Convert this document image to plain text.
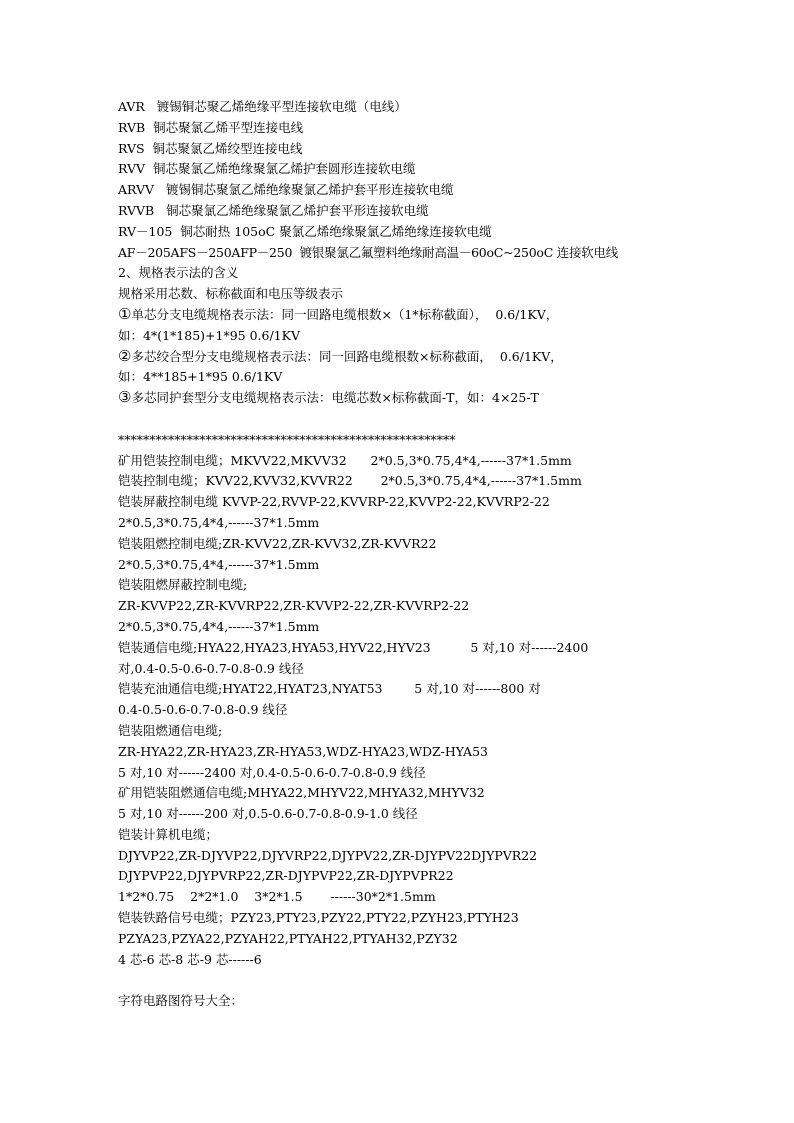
AVR   镀锡铜芯聚乙烯绝缘平型连接软电缆（电线）
RVB  铜芯聚氯乙烯平型连接电线
RVS  铜芯聚氯乙烯绞型连接电线
RVV  铜芯聚氯乙烯绝缘聚氯乙烯护套圆形连接软电缆
ARVV   镀锡铜芯聚氯乙烯绝缘聚氯乙烯护套平形连接软电缆
RVVB   铜芯聚氯乙烯绝缘聚氯乙烯护套平形连接软电缆
RV－105  铜芯耐热 105oC 聚氯乙烯绝缘聚氯乙烯绝缘连接软电缆
AF－205AFS－250AFP－250  镀银聚氯乙氟塑料绝缘耐高温－60oC~250oC 连接软电线
2、规格表示法的含义
规格采用芯数、标称截面和电压等级表示
①单芯分支电缆规格表示法：同一回路电缆根数×（1*标称截面），  0.6/1KV，
如：4*(1*185)+1*95 0.6/1KV
②多芯绞合型分支电缆规格表示法：同一回路电缆根数×标称截面，  0.6/1KV，
如：4**185+1*95 0.6/1KV
③多芯同护套型分支电缆规格表示法：电缆芯数×标称截面-T，如：4×25-T
******************************************************
矿用铠装控制电缆；MKVV22,MKVV32      2*0.5,3*0.75,4*4,------37*1.5mm
铠装控制电缆；KVV22,KVV32,KVVR22       2*0.5,3*0.75,4*4,------37*1.5mm
铠装屏蔽控制电缆 KVVP-22,RVVP-22,KVVRP-22,KVVP2-22,KVVRP2-22
2*0.5,3*0.75,4*4,------37*1.5mm
铠装阻燃控制电缆;ZR-KVV22,ZR-KVV32,ZR-KVVR22
2*0.5,3*0.75,4*4,------37*1.5mm
铠装阻燃屏蔽控制电缆;
ZR-KVVP22,ZR-KVVRP22,ZR-KVVP2-22,ZR-KVVRP2-22
2*0.5,3*0.75,4*4,------37*1.5mm
铠装通信电缆;HYA22,HYA23,HYA53,HYV22,HYV23          5 对,10 对------2400
对,0.4-0.5-0.6-0.7-0.8-0.9 线径
铠装充油通信电缆;HYAT22,HYAT23,NYAT53        5 对,10 对------800 对
0.4-0.5-0.6-0.7-0.8-0.9 线径
铠装阻燃通信电缆;
ZR-HYA22,ZR-HYA23,ZR-HYA53,WDZ-HYA23,WDZ-HYA53
5 对,10 对------2400 对,0.4-0.5-0.6-0.7-0.8-0.9 线径
矿用铠装阻燃通信电缆;MHYA22,MHYV22,MHYA32,MHYV32
5 对,10 对------200 对,0.5-0.6-0.7-0.8-0.9-1.0 线径
铠装计算机电缆；
DJYVP22,ZR-DJYVP22,DJYVRP22,DJYPV22,ZR-DJYPV22DJYPVR22
DJYPVP22,DJYPVRP22,ZR-DJYPVP22,ZR-DJYPVPR22
1*2*0.75    2*2*1.0    3*2*1.5       ------30*2*1.5mm
铠装铁路信号电缆；PZY23,PTY23,PZY22,PTY22,PZYH23,PTYH23
PZYA23,PZYA22,PZYAH22,PTYAH22,PTYAH32,PZY32
4 芯-6 芯-8 芯-9 芯------6
字符电路图符号大全：
